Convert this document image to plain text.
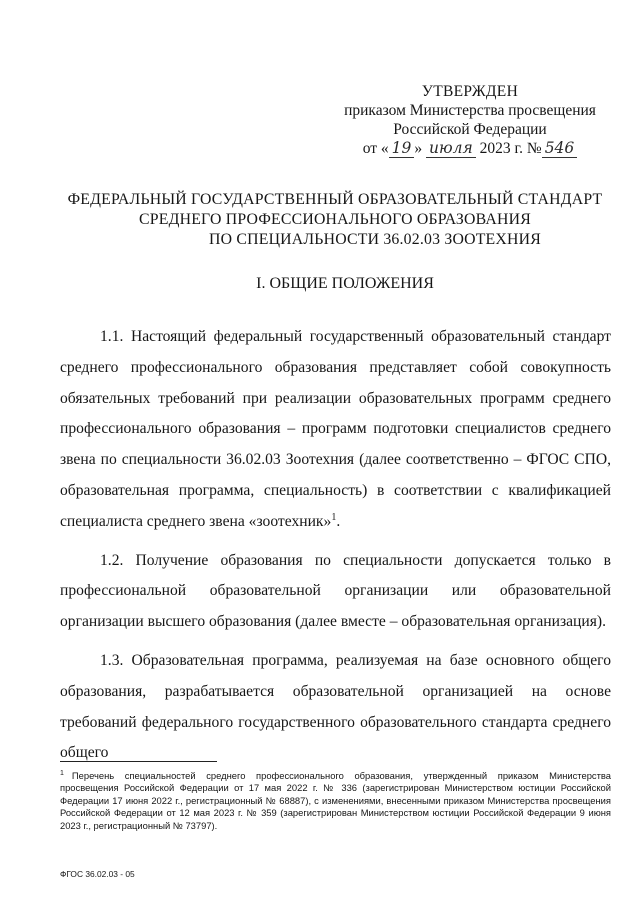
УТВЕРЖДЕН
приказом Министерства просвещения
Российской Федерации
от « 19 » июля 2023 г. № 546
ФЕДЕРАЛЬНЫЙ ГОСУДАРСТВЕННЫЙ ОБРАЗОВАТЕЛЬНЫЙ СТАНДАРТ
СРЕДНЕГО ПРОФЕССИОНАЛЬНОГО ОБРАЗОВАНИЯ
ПО СПЕЦИАЛЬНОСТИ 36.02.03 ЗООТЕХНИЯ
I. ОБЩИЕ ПОЛОЖЕНИЯ

1.1. Настоящий федеральный государственный образовательный стандарт среднего профессионального образования представляет собой совокупность обязательных требований при реализации образовательных программ среднего профессионального образования – программ подготовки специалистов среднего звена по специальности 36.02.03 Зоотехния (далее соответственно – ФГОС СПО, образовательная программа, специальность) в соответствии с квалификацией специалиста среднего звена «зоотехник»$^1$.

1.2. Получение образования по специальности допускается только в профессиональной образовательной организации или образовательной организации высшего образования (далее вместе – образовательная организация).

1.3. Образовательная программа, реализуемая на базе основного общего образования, разрабатывается образовательной организацией на основе требований федерального государственного образовательного стандарта среднего общего

$^1$ Перечень специальностей среднего профессионального образования, утвержденный приказом Министерства просвещения Российской Федерации от 17 мая 2022 г. № 336 (зарегистрирован Министерством юстиции Российской Федерации 17 июня 2022 г., регистрационный № 68887), с изменениями, внесенными приказом Министерства просвещения Российской Федерации от 12 мая 2023 г. № 359 (зарегистрирован Министерством юстиции Российской Федерации 9 июня 2023 г., регистрационный № 73797).
ФГОС 36.02.03 - 05
